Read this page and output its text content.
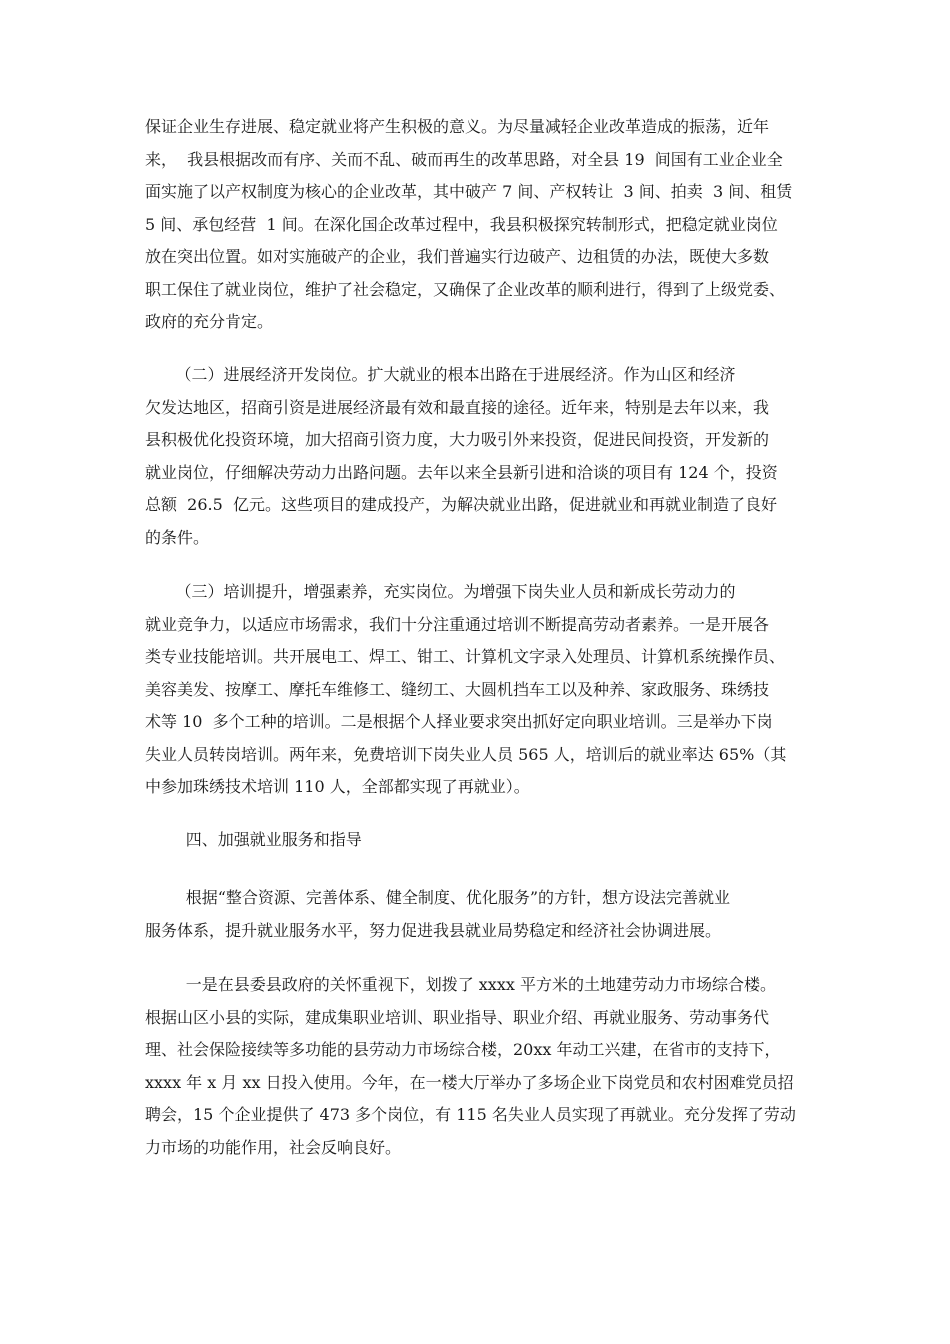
保证企业生存进展、稳定就业将产生积极的意义。为尽量减轻企业改革造成的振荡，近年
来，  我县根据改而有序、关而不乱、破而再生的改革思路，对全县 19  间国有工业企业全
面实施了以产权制度为核心的企业改革，其中破产 7 间、产权转让  3 间、拍卖  3 间、租赁
5 间、承包经营  1 间。在深化国企改革过程中，我县积极探究转制形式，把稳定就业岗位
放在突出位置。如对实施破产的企业，我们普遍实行边破产、边租赁的办法，既使大多数
职工保住了就业岗位，维护了社会稳定，又确保了企业改革的顺利进行，得到了上级党委、
政府的充分肯定。
（二）进展经济开发岗位。扩大就业的根本出路在于进展经济。作为山区和经济
欠发达地区，招商引资是进展经济最有效和最直接的途径。近年来，特别是去年以来，我
县积极优化投资环境，加大招商引资力度，大力吸引外来投资，促进民间投资，开发新的
就业岗位，仔细解决劳动力出路问题。去年以来全县新引进和洽谈的项目有 124 个，投资
总额  26.5  亿元。这些项目的建成投产，为解决就业出路，促进就业和再就业制造了良好
的条件。
（三）培训提升，增强素养，充实岗位。为增强下岗失业人员和新成长劳动力的
就业竞争力，以适应市场需求，我们十分注重通过培训不断提高劳动者素养。一是开展各
类专业技能培训。共开展电工、焊工、钳工、计算机文字录入处理员、计算机系统操作员、
美容美发、按摩工、摩托车维修工、缝纫工、大圆机挡车工以及种养、家政服务、珠绣技
术等 10  多个工种的培训。二是根据个人择业要求突出抓好定向职业培训。三是举办下岗
失业人员转岗培训。两年来，免费培训下岗失业人员 565 人，培训后的就业率达 65%（其
中参加珠绣技术培训 110 人，全部都实现了再就业）。
四、加强就业服务和指导
根据“整合资源、完善体系、健全制度、优化服务”的方针，想方设法完善就业
服务体系，提升就业服务水平，努力促进我县就业局势稳定和经济社会协调进展。
一是在县委县政府的关怀重视下，划拨了 xxxx 平方米的土地建劳动力市场综合楼。
根据山区小县的实际，建成集职业培训、职业指导、职业介绍、再就业服务、劳动事务代
理、社会保险接续等多功能的县劳动力市场综合楼，20xx 年动工兴建，在省市的支持下，
xxxx 年 x 月 xx 日投入使用。今年，在一楼大厅举办了多场企业下岗党员和农村困难党员招
聘会，15 个企业提供了 473 多个岗位，有 115 名失业人员实现了再就业。充分发挥了劳动
力市场的功能作用，社会反响良好。
